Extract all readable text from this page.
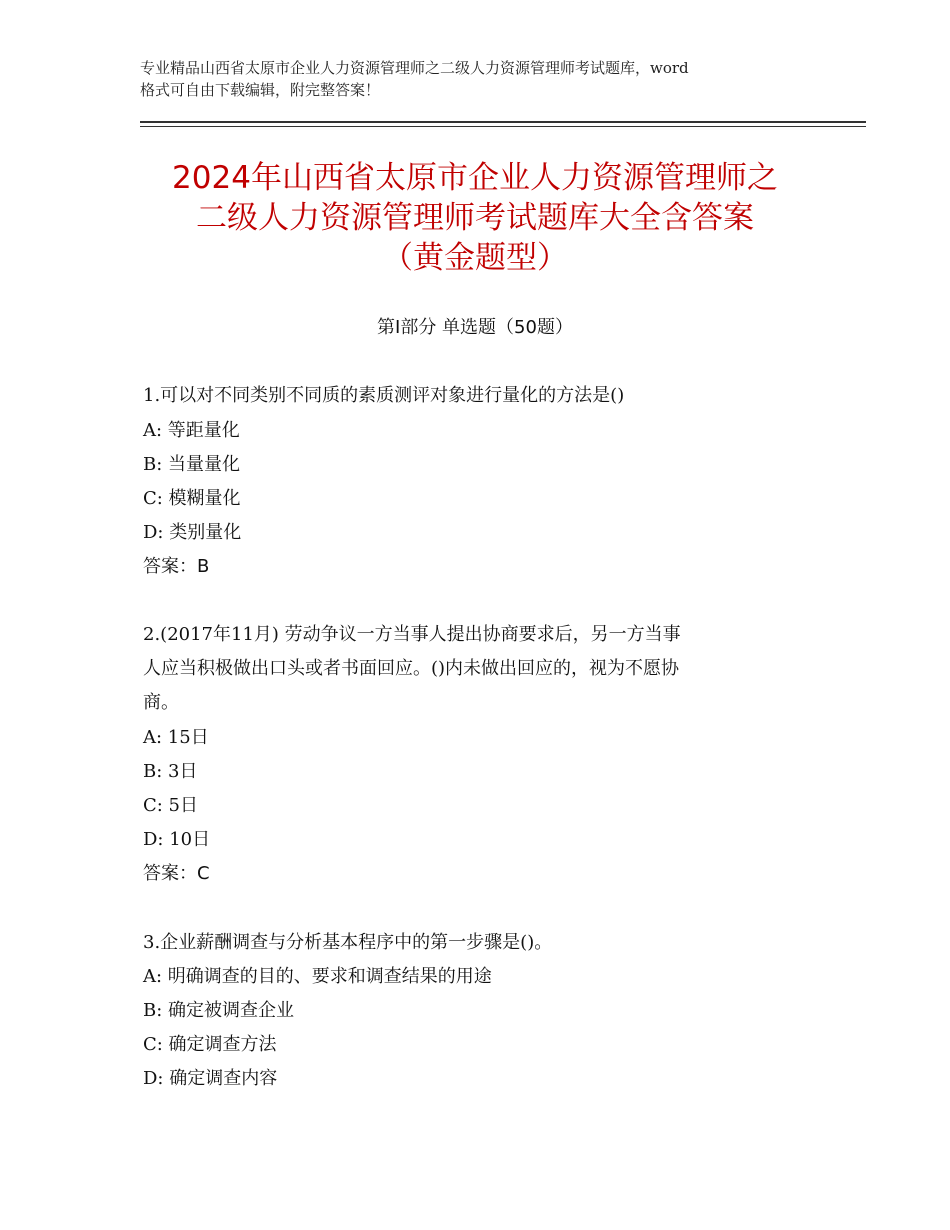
专业精品山西省太原市企业人力资源管理师之二级人力资源管理师考试题库，word
格式可自由下载编辑，附完整答案！
2024年山西省太原市企业人力资源管理师之
二级人力资源管理师考试题库大全含答案
（黄金题型）
第Ⅰ部分 单选题（50题）
1.可以对不同类别不同质的素质测评对象进行量化的方法是()
A: 等距量化
B: 当量量化
C: 模糊量化
D: 类别量化
答案：B
2.(2017年11月) 劳动争议一方当事人提出协商要求后，另一方当事
人应当积极做出口头或者书面回应。()内未做出回应的，视为不愿协
商。
A: 15日
B: 3日
C: 5日
D: 10日
答案：C
3.企业薪酬调查与分析基本程序中的第一步骤是()。
A: 明确调查的目的、要求和调查结果的用途
B: 确定被调查企业
C: 确定调查方法
D: 确定调查内容
